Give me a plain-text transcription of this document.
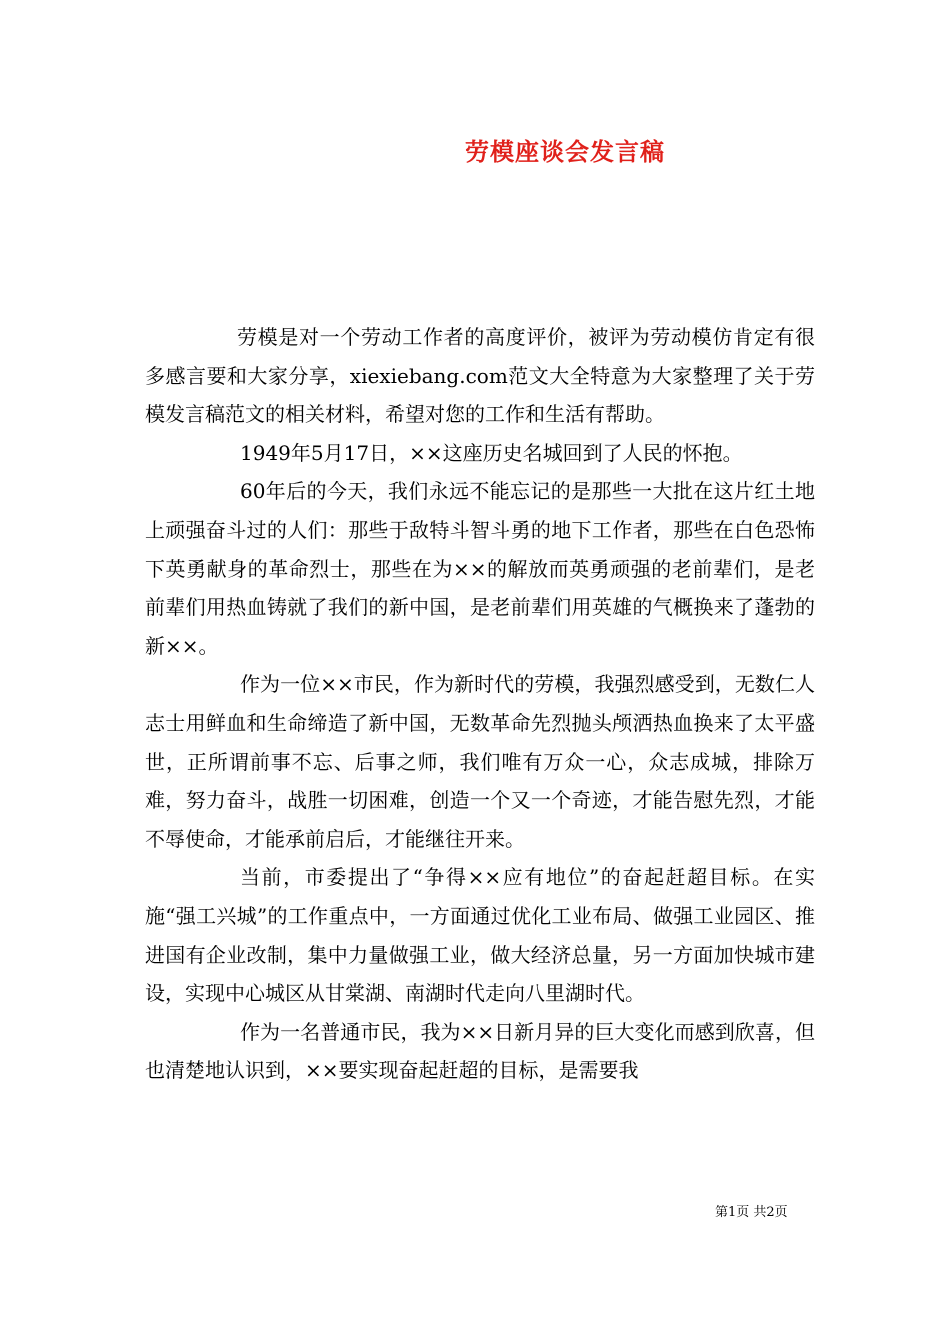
劳模座谈会发言稿

劳模是对一个劳动工作者的高度评价，被评为劳动模仿肯定有很多感言要和大家分享，xiexiebang.com范文大全特意为大家整理了关于劳模发言稿范文的相关材料，希望对您的工作和生活有帮助。

1949年5月17日，××这座历史名城回到了人民的怀抱。

60年后的今天，我们永远不能忘记的是那些一大批在这片红土地上顽强奋斗过的人们：那些于敌特斗智斗勇的地下工作者，那些在白色恐怖下英勇献身的革命烈士，那些在为××的解放而英勇顽强的老前辈们，是老前辈们用热血铸就了我们的新中国，是老前辈们用英雄的气概换来了蓬勃的新××。

作为一位××市民，作为新时代的劳模，我强烈感受到，无数仁人志士用鲜血和生命缔造了新中国，无数革命先烈抛头颅洒热血换来了太平盛世，正所谓前事不忘、后事之师，我们唯有万众一心，众志成城，排除万难，努力奋斗，战胜一切困难，创造一个又一个奇迹，才能告慰先烈，才能不辱使命，才能承前启后，才能继往开来。

当前，市委提出了“争得××应有地位”的奋起赶超目标。在实施“强工兴城”的工作重点中，一方面通过优化工业布局、做强工业园区、推进国有企业改制，集中力量做强工业，做大经济总量，另一方面加快城市建设，实现中心城区从甘棠湖、南湖时代走向八里湖时代。

作为一名普通市民，我为××日新月异的巨大变化而感到欣喜，但也清楚地认识到，××要实现奋起赶超的目标，是需要我

第1页 共2页
